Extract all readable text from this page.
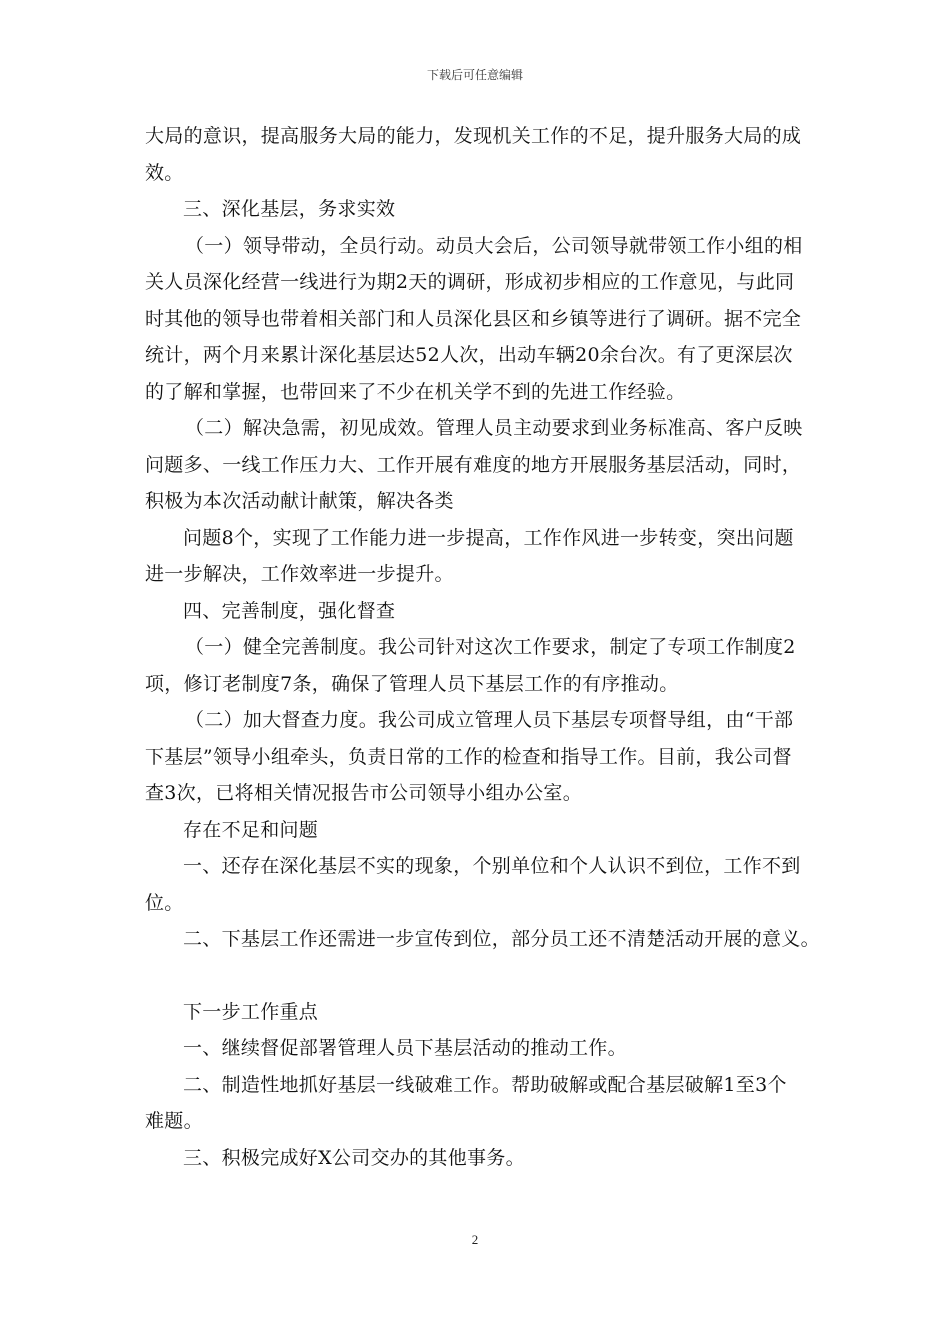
下载后可任意编辑
大局的意识，提高服务大局的能力，发现机关工作的不足，提升服务大局的成
效。
三、深化基层，务求实效
（一）领导带动，全员行动。动员大会后，公司领导就带领工作小组的相
关人员深化经营一线进行为期2天的调研，形成初步相应的工作意见，与此同
时其他的领导也带着相关部门和人员深化县区和乡镇等进行了调研。据不完全
统计，两个月来累计深化基层达52人次，出动车辆20余台次。有了更深层次
的了解和掌握，也带回来了不少在机关学不到的先进工作经验。
（二）解决急需，初见成效。管理人员主动要求到业务标准高、客户反映
问题多、一线工作压力大、工作开展有难度的地方开展服务基层活动，同时，
积极为本次活动献计献策，解决各类
问题8个，实现了工作能力进一步提高，工作作风进一步转变，突出问题
进一步解决，工作效率进一步提升。
四、完善制度，强化督查
（一）健全完善制度。我公司针对这次工作要求，制定了专项工作制度2
项，修订老制度7条，确保了管理人员下基层工作的有序推动。
（二）加大督查力度。我公司成立管理人员下基层专项督导组，由“干部
下基层”领导小组牵头，负责日常的工作的检查和指导工作。目前，我公司督
查3次，已将相关情况报告市公司领导小组办公室。
存在不足和问题
一、还存在深化基层不实的现象，个别单位和个人认识不到位，工作不到
位。
二、下基层工作还需进一步宣传到位，部分员工还不清楚活动开展的意义。
下一步工作重点
一、继续督促部署管理人员下基层活动的推动工作。
二、制造性地抓好基层一线破难工作。帮助破解或配合基层破解1至3个
难题。
三、积极完成好X公司交办的其他事务。
2
